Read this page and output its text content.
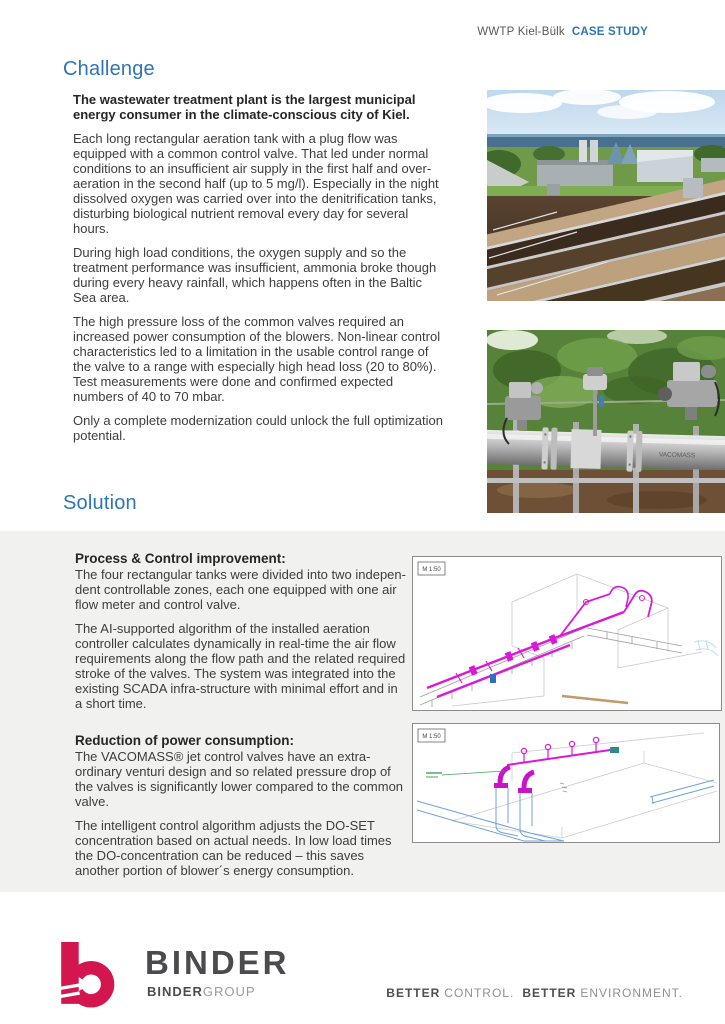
WWTP Kiel-Bülk CASE STUDY
Challenge

The wastewater treatment plant is the largest municipal energy consumer in the climate-conscious city of Kiel.

Each long rectangular aeration tank with a plug flow was equipped with a common control valve. That led under normal conditions to an insufficient air supply in the first half and over-aeration in the second half (up to 5 mg/l). Especially in the night dissolved oxygen was carried over into the denitrification tanks, disturbing biological nutrient removal every day for several hours.

During high load conditions, the oxygen supply and so the treatment performance was insufficient, ammonia broke though during every heavy rainfall, which happens often in the Baltic Sea area.

The high pressure loss of the common valves required an increased power consumption of the blowers. Non-linear control characteristics led to a limitation in the usable control range of the valve to a range with especially high head loss (20 to 80%). Test measurements were done and confirmed expected numbers of 40 to 70 mbar.

Only a complete modernization could unlock the full optimization potential.

VACOMASS
Solution
Process & Control improvement:

The four rectangular tanks were divided into two indepen-dent controllable zones, each one equipped with one air flow meter and control valve.

The AI-supported algorithm of the installed aeration controller calculates dynamically in real-time the air flow requirements along the flow path and the related required stroke of the valves. The system was integrated into the existing SCADA infra-structure with minimal effort and in a short time.

Reduction of power consumption:

The VACOMASS® jet control valves have an extra-ordinary venturi design and so related pressure drop of the valves is significantly lower compared to the common valve.

The intelligent control algorithm adjusts the DO-SET concentration based on actual needs. In low load times the DO-concentration can be reduced – this saves another portion of blower´s energy consumption.

M 1:50
M 1:50
BINDER
BINDERGROUP	BETTER CONTROL. BETTER ENVIRONMENT.
